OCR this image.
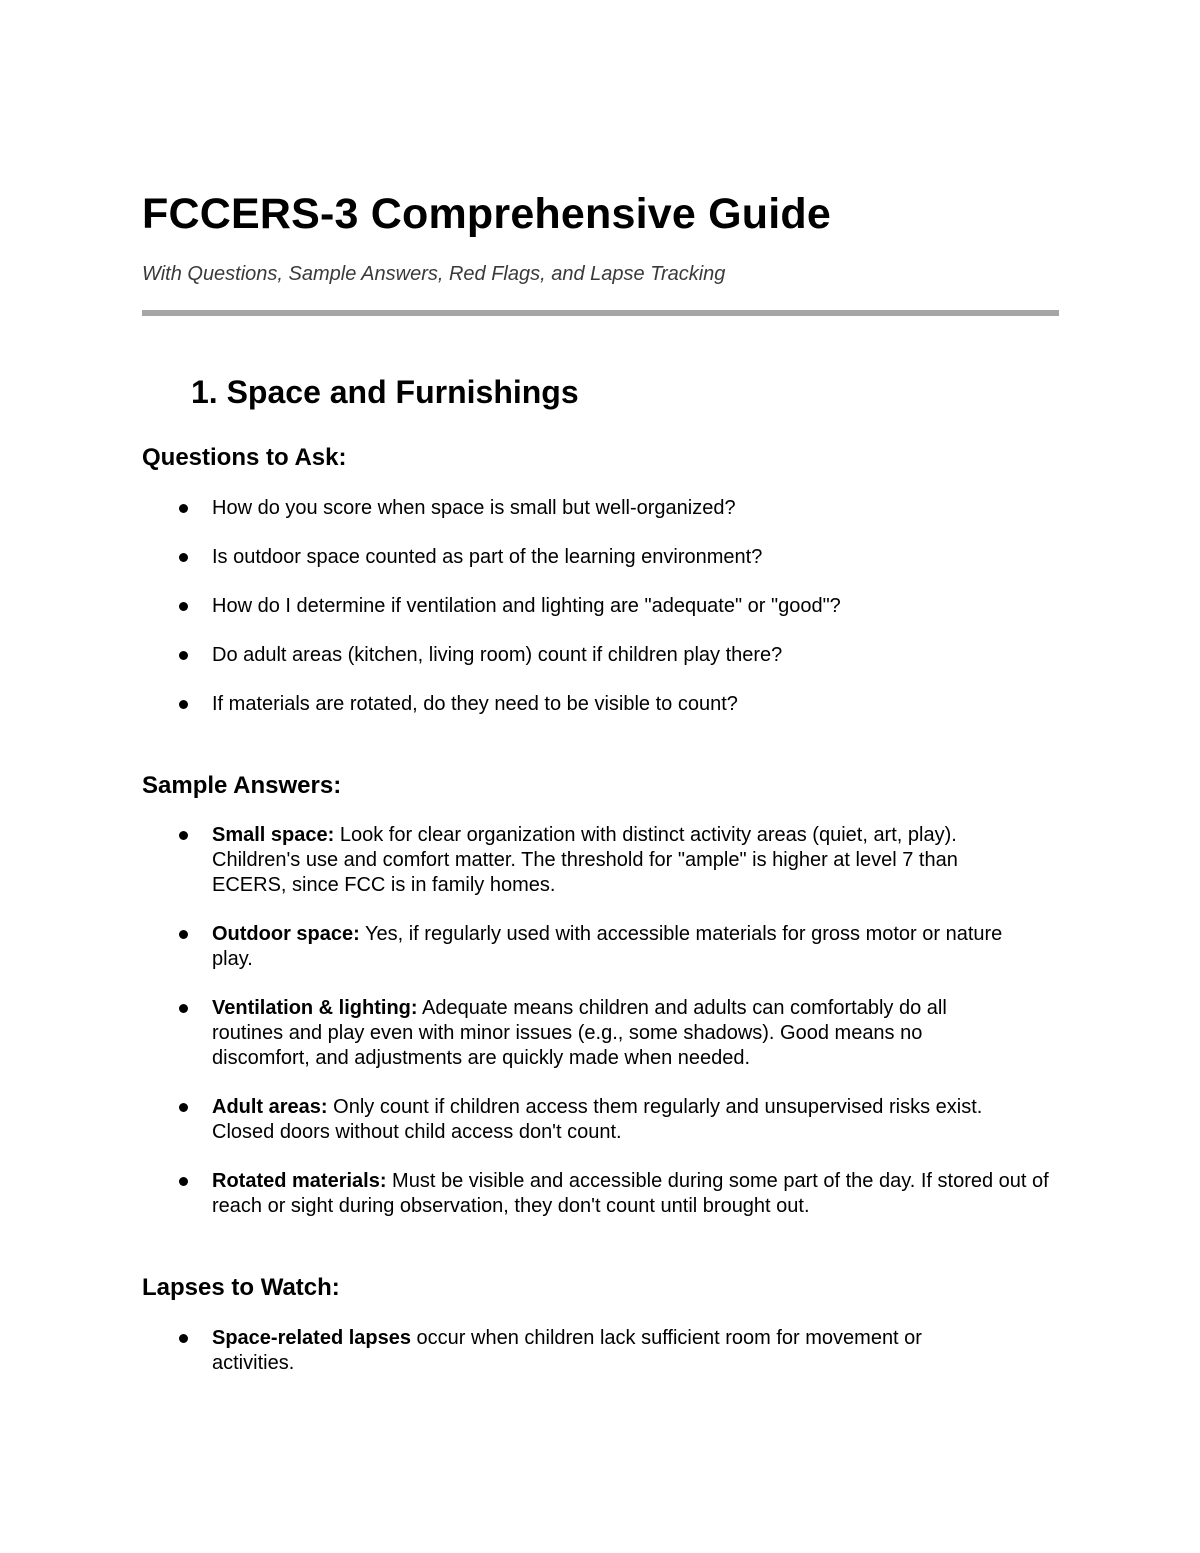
FCCERS-3 Comprehensive Guide

With Questions, Sample Answers, Red Flags, and Lapse Tracking

1. Space and Furnishings
Questions to Ask:
How do you score when space is small but well-organized?
Is outdoor space counted as part of the learning environment?
How do I determine if ventilation and lighting are "adequate" or "good"?
Do adult areas (kitchen, living room) count if children play there?
If materials are rotated, do they need to be visible to count?
Sample Answers:
Small space: Look for clear organization with distinct activity areas (quiet, art, play). Children's use and comfort matter. The threshold for "ample" is higher at level 7 than ECERS, since FCC is in family homes.
Outdoor space: Yes, if regularly used with accessible materials for gross motor or nature play.
Ventilation & lighting: Adequate means children and adults can comfortably do all routines and play even with minor issues (e.g., some shadows). Good means no discomfort, and adjustments are quickly made when needed.
Adult areas: Only count if children access them regularly and unsupervised risks exist. Closed doors without child access don't count.
Rotated materials: Must be visible and accessible during some part of the day. If stored out of reach or sight during observation, they don't count until brought out.
Lapses to Watch:
Space-related lapses occur when children lack sufficient room for movement or activities.
